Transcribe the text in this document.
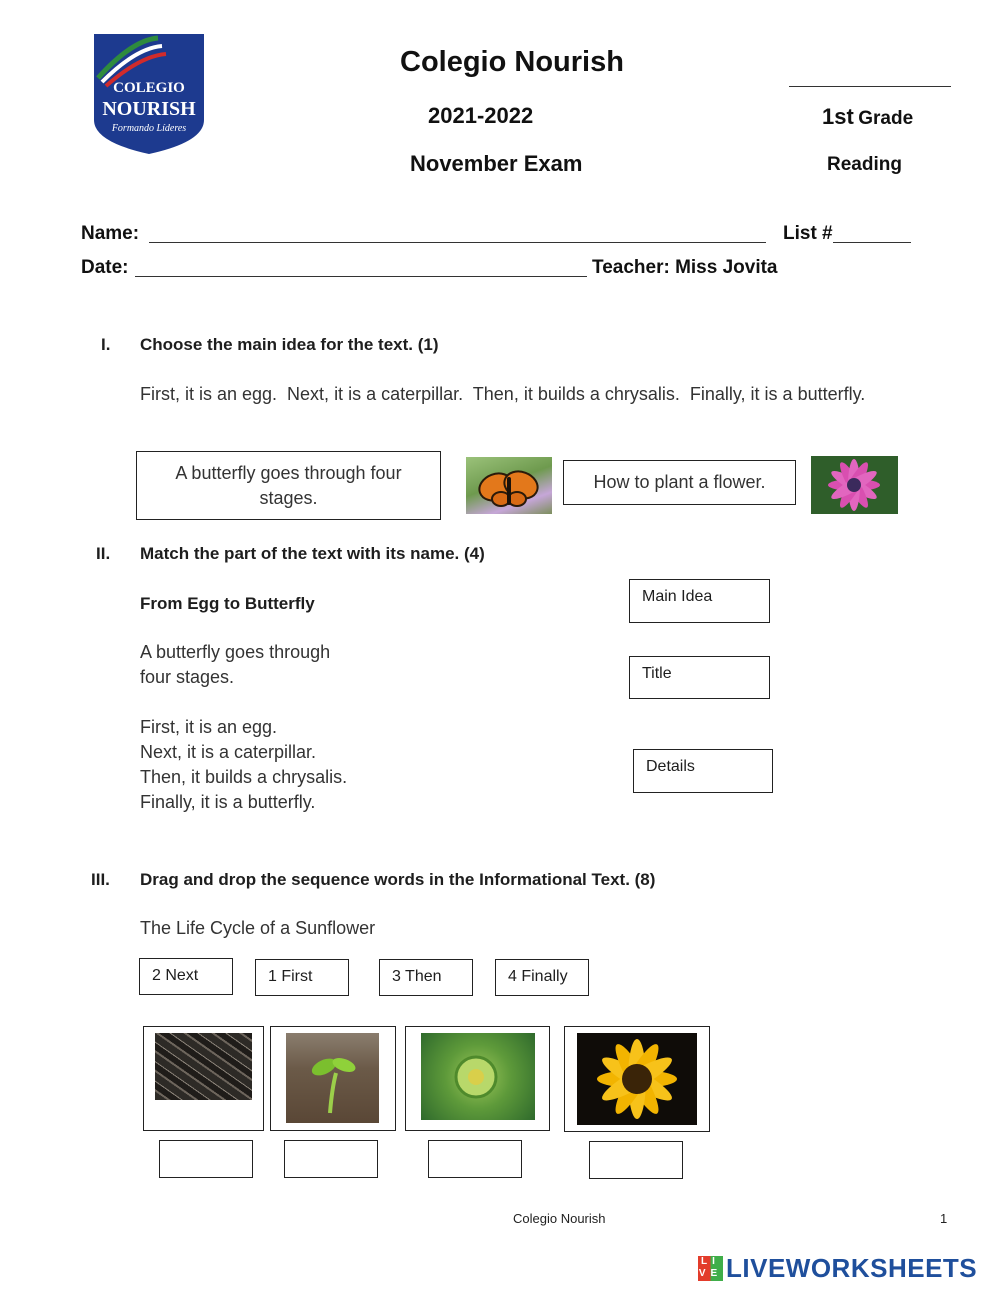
COLEGIO
NOURISH
Formando Líderes
Colegio Nourish
2021-2022
November Exam
1st Grade
Reading
Name:	List #
Date:	Teacher: Miss Jovita
I. Choose the main idea for the text. (1)
First, it is an egg.  Next, it is a caterpillar.  Then, it builds a chrysalis.  Finally, it is a butterfly.
A butterfly goes through four stages.
How to plant a flower.
II. Match the part of the text with its name. (4)
From Egg to Butterfly
A butterfly goes through
four stages.
First, it is an egg.
Next, it is a caterpillar.
Then, it builds a chrysalis.
Finally, it is a butterfly.
Main Idea
Title
Details
III. Drag and drop the sequence words in the Informational Text. (8)
The Life Cycle of a Sunflower
2 Next	1 First	3 Then	4 Finally
Colegio Nourish	1
LIVE LIVEWORKSHEETS
